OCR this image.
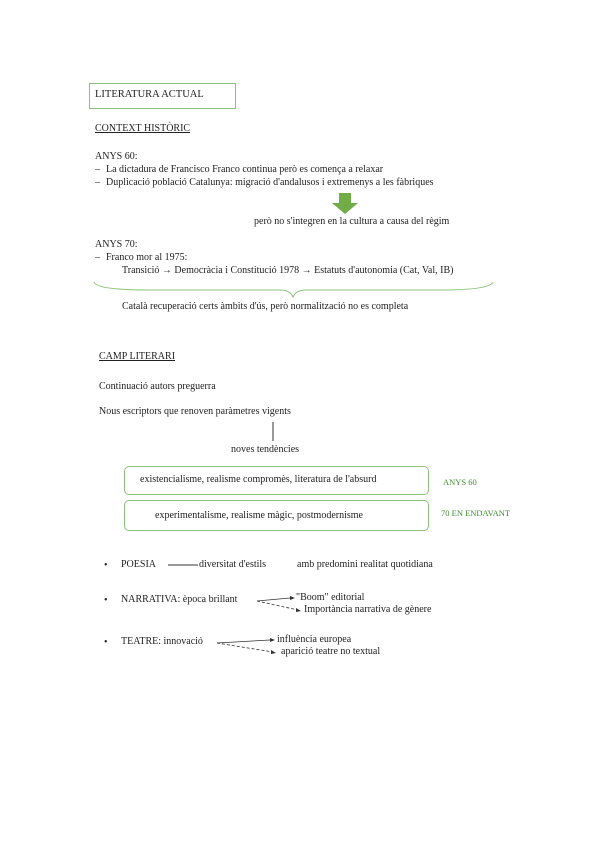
LITERATURA ACTUAL
CONTEXT HISTÒRIC
ANYS 60:
– La dictadura de Francisco Franco continua però es comença a relaxar
– Duplicació població Catalunya: migració d'andalusos i extremenys a les fàbriques
però no s'integren en la cultura a causa del règim
ANYS 70:
– Franco mor al 1975:
Transició → Democràcia i Constitució 1978 → Estatuts d'autonomia (Cat, Val, IB)
Català recuperació certs àmbits d'ús, però normalització no es completa
CAMP LITERARI
Continuació autors preguerra
Nous escriptors que renoven paràmetres vigents
noves tendències
existencialisme, realisme compromès, literatura de l'absurd	ANYS 60
experimentalisme, realisme màgic, postmodernisme	70 EN ENDAVANT
• POESIA	diversitat d'estils	amb predomini realitat quotidiana
• NARRATIVA: època brillant	"Boom" editorial
Importància narrativa de gènere
• TEATRE: innovació	influència europea
aparició teatre no textual
